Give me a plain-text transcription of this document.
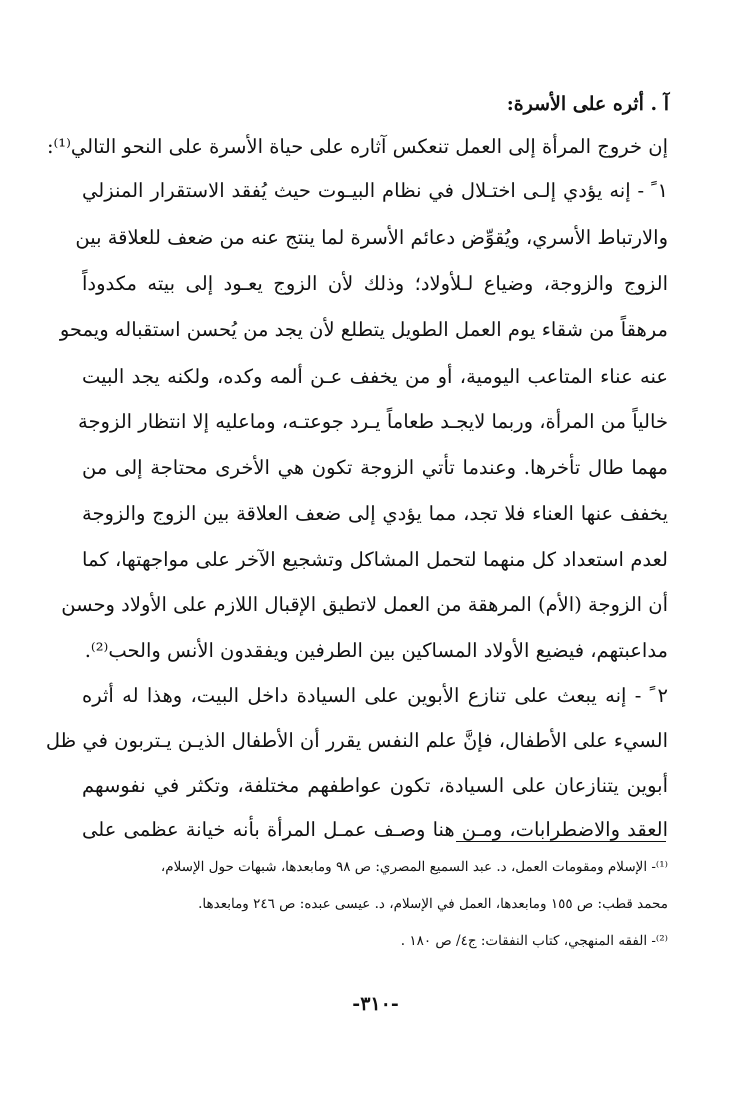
آ . أثره على الأسرة:
إن خروج المرأة إلى العمل تنعكس آثاره على حياة الأسرة على النحو التالي⁽¹⁾:
١ ً - إنه يؤدي إلـى اختـلال في نظام البيـوت حيث يُفقد الاستقرار المنزلي
والارتباط الأسري، ويُقوِّض دعائم الأسرة لما ينتج عنه من ضعف للعلاقة بين
الزوج والزوجة، وضياع لـلأولاد؛ وذلك لأن الزوج يعـود إلى بيته مكدوداً
مرهقاً من شقاء يوم العمل الطويل يتطلع لأن يجد من يُحسن استقباله ويمحو
عنه عناء المتاعب اليومية، أو من يخفف عـن ألمه وكده، ولكنه يجد البيت
خالياً من المرأة، وربما لايجـد طعاماً يـرد جوعتـه، وماعليه إلا انتظار الزوجة
مهما طال تأخرها. وعندما تأتي الزوجة تكون هي الأخرى محتاجة إلى من
يخفف عنها العناء فلا تجد، مما يؤدي إلى ضعف العلاقة بين الزوج والزوجة
لعدم استعداد كل منهما لتحمل المشاكل وتشجيع الآخر على مواجهتها، كما
أن الزوجة (الأم) المرهقة من العمل لاتطيق الإقبال اللازم على الأولاد وحسن
مداعبتهم، فيضيع الأولاد المساكين بين الطرفين ويفقدون الأنس والحب⁽²⁾.
٢ ً - إنه يبعث على تنازع الأبوين على السيادة داخل البيت، وهذا له أثره
السيء على الأطفال، فإنَّ علم النفس يقرر أن الأطفال الذيـن يـتربون في ظل
أبوين يتنازعان على السيادة، تكون عواطفهم مختلفة، وتكثر في نفوسهم
العقد والاضطرابات، ومـن هنا وصـف عمـل المرأة بأنه خيانة عظمى على
⁽¹⁾- الإسلام ومقومات العمل، د. عبد السميع المصري: ص ٩٨ ومابعدها، شبهات حول الإسلام،
محمد قطب: ص ١٥٥ ومابعدها، العمل في الإسلام، د. عيسى عبده: ص ٢٤٦ ومابعدها.
⁽²⁾- الفقه المنهجي، كتاب النفقات: ج٤/ ص ١٨٠ .
-٣١٠-
